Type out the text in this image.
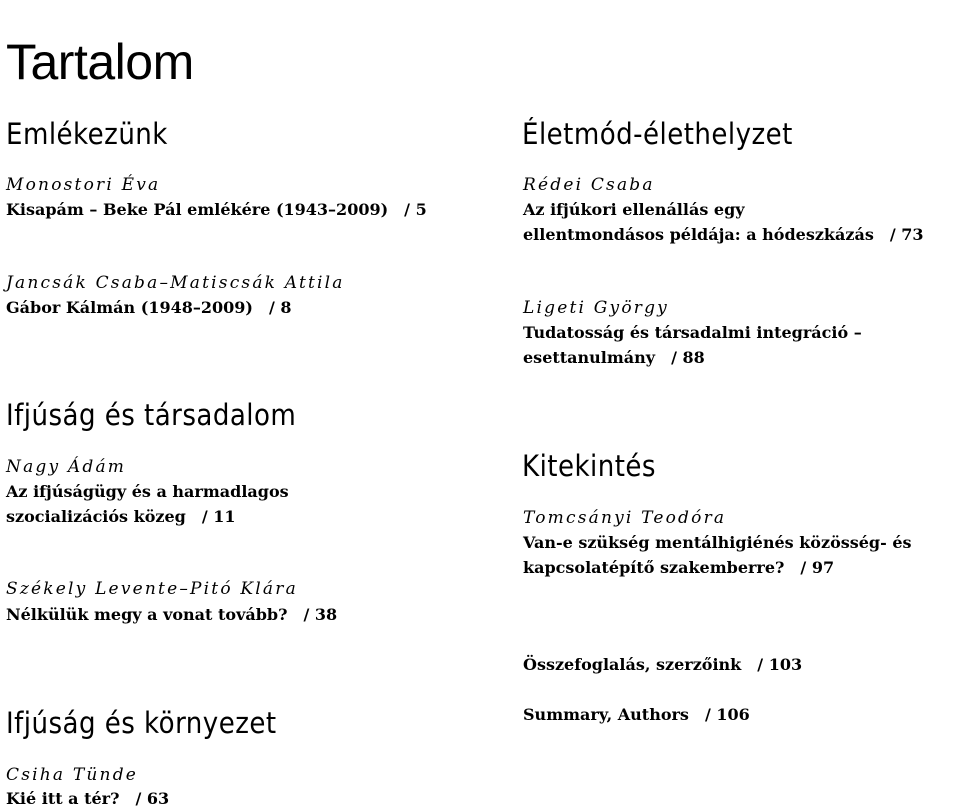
Tartalom
Emlékezünk
Monostori Éva
Kisapám – Beke Pál emlékére (1943–2009) / 5
Jancsák Csaba–Matiscsák Attila
Gábor Kálmán (1948–2009) / 8
Ifjúság és társadalom
Nagy Ádám
Az ifjúságügy és a harmadlagos
szocializációs közeg / 11
Székely Levente–Pitó Klára
Nélkülük megy a vonat tovább? / 38
Ifjúság és környezet
Csiha Tünde
Kié itt a tér? / 63
Életmód-élethelyzet
Rédei Csaba
Az ifjúkori ellenállás egy
ellentmondásos példája: a hódeszkázás / 73
Ligeti György
Tudatosság és társadalmi integráció –
esettanulmány / 88
Kitekintés
Tomcsányi Teodóra
Van-e szükség mentálhigiénés közösség- és
kapcsolatépítő szakemberre? / 97
Összefoglalás, szerzőink / 103
Summary, Authors / 106
